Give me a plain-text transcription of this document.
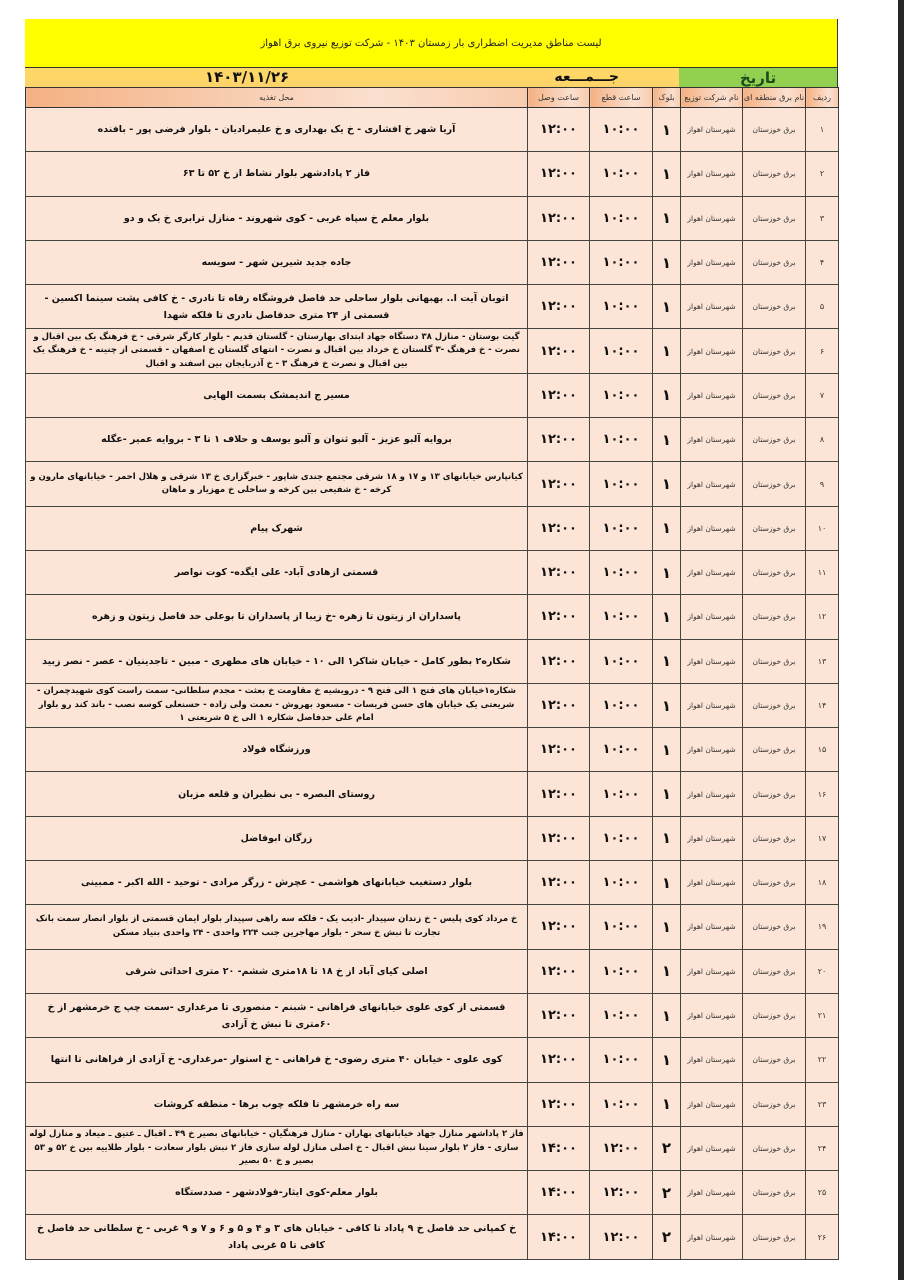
لیست مناطق مدیریت اضطراری بار زمستان ۱۴۰۳ - شرکت توزیع نیروی برق اهواز
تاریخ
جـــمـــعه
۱۴۰۳/۱۱/۲۶
ردیف	نام برق منطقه ای	نام شرکت توزیع	بلوک	ساعت قطع	ساعت وصل	محل تغذیه
۱	برق خوزستان	شهرستان اهواز	۱	۱۰:۰۰	۱۲:۰۰	آریا شهر خ افشاری - خ یک بهداری و خ علیمرادیان - بلوار فرضی پور - بافنده
۲	برق خوزستان	شهرستان اهواز	۱	۱۰:۰۰	۱۲:۰۰	فاز ۲ پادادشهر بلوار نشاط از خ ۵۲ تا ۶۳
۳	برق خوزستان	شهرستان اهواز	۱	۱۰:۰۰	۱۲:۰۰	بلوار معلم خ سپاه غربی - کوی شهروند - منازل ترابری خ یک و دو
۴	برق خوزستان	شهرستان اهواز	۱	۱۰:۰۰	۱۲:۰۰	جاده جدید شیرین شهر - سویسه
۵	برق خوزستان	شهرستان اهواز	۱	۱۰:۰۰	۱۲:۰۰	اتوبان آیت ا.. بهبهانی بلوار ساحلی حد فاصل فروشگاه رفاه تا نادری - خ کافی پشت سینما اکسین - قسمتی از ۲۴ متری حدفاصل نادری تا فلکه شهدا
۶	برق خوزستان	شهرستان اهواز	۱	۱۰:۰۰	۱۲:۰۰	گیت بوستان - منازل ۳۸ دستگاه جهاد ابتدای بهارستان - گلستان قدیم - بلوار کارگر شرقی - خ فرهنگ یک بین اقبال و نصرت - خ فرهنگ -۳ گلستان خ خرداد بین اقبال و نصرت - انتهای گلستان خ اصفهان - قسمتی از چنینه - خ فرهنگ یک بین اقبال و نصرت خ فرهنگ ۳ - خ آذربایجان بین اسفند و اقبال
۷	برق خوزستان	شهرستان اهواز	۱	۱۰:۰۰	۱۲:۰۰	مسیر ج اندیمشک بسمت الهایی
۸	برق خوزستان	شهرستان اهواز	۱	۱۰:۰۰	۱۲:۰۰	بروایه آلبو عزیز - آلبو ثنوان و آلبو یوسف و حلاف ۱ تا ۳ - بروایه عمیر -عگله
۹	برق خوزستان	شهرستان اهواز	۱	۱۰:۰۰	۱۲:۰۰	کیانپارس خیابانهای ۱۳ و ۱۷ و ۱۸ شرقی مجتمع جندی شاپور - خبرگزاری خ ۱۳ شرقی و هلال احمر - خیابانهای مارون و کرخه - خ شفیعی بین کرخه و ساحلی خ مهزیار و ماهان
۱۰	برق خوزستان	شهرستان اهواز	۱	۱۰:۰۰	۱۲:۰۰	شهرک پیام
۱۱	برق خوزستان	شهرستان اهواز	۱	۱۰:۰۰	۱۲:۰۰	قسمتی ازهادی آباد- علی ایگده- کوت نواصر
۱۲	برق خوزستان	شهرستان اهواز	۱	۱۰:۰۰	۱۲:۰۰	پاسداران از زیتون تا زهره -خ زیبا از پاسداران تا بوعلی حد فاصل زیتون و زهره
۱۳	برق خوزستان	شهرستان اهواز	۱	۱۰:۰۰	۱۲:۰۰	شکاره۲ بطور کامل - خیابان شاکر۱ الی ۱۰ - خیابان های مطهری - مبین - تاجدینیان - عصر - نصر زبید
۱۴	برق خوزستان	شهرستان اهواز	۱	۱۰:۰۰	۱۲:۰۰	شکاره۱خیابان های فتح ۱ الی فتح ۹ - درویشیه خ مقاومت خ بعثت - مجدم سلطانی- سمت راست کوی شهیدچمران - شریعتی یک خیابان های حسن فریسات - مسعود بهروش - نعمت ولی زاده - حسنعلی کوسه نصب - باند کند رو بلوار امام علی حدفاصل شکاره ۱ الی خ ۵ شریعتی ۱
۱۵	برق خوزستان	شهرستان اهواز	۱	۱۰:۰۰	۱۲:۰۰	ورزشگاه فولاد
۱۶	برق خوزستان	شهرستان اهواز	۱	۱۰:۰۰	۱۲:۰۰	روستای البصره - بی نظیران و قلعه مزبان
۱۷	برق خوزستان	شهرستان اهواز	۱	۱۰:۰۰	۱۲:۰۰	زرگان ابوفاضل
۱۸	برق خوزستان	شهرستان اهواز	۱	۱۰:۰۰	۱۲:۰۰	بلوار دستغیب خیابانهای هواشمی - عچرش - زرگر مرادی - توحید - الله اکبر - ممبینی
۱۹	برق خوزستان	شهرستان اهواز	۱	۱۰:۰۰	۱۲:۰۰	خ مرداد کوی پلیس - خ زندان سپیدار -ادیب یک - فلکه سه راهی سپیدار بلوار ایمان قسمتی از بلوار انصار سمت بانک تجارت تا نبش خ سحر - بلوار مهاجرین جنب ۲۲۴ واحدی - ۲۴ واحدی بنیاد مسکن
۲۰	برق خوزستان	شهرستان اهواز	۱	۱۰:۰۰	۱۲:۰۰	اصلی کیای آباد از خ ۱۸ تا ۱۸متری ششم- ۲۰ متری احداثی شرقی
۲۱	برق خوزستان	شهرستان اهواز	۱	۱۰:۰۰	۱۲:۰۰	قسمتی از کوی علوی خیابانهای فراهانی - شبنم - منصوری تا مرغداری -سمت چپ ج خرمشهر از خ ۶۰متری تا نبش خ آزادی
۲۲	برق خوزستان	شهرستان اهواز	۱	۱۰:۰۰	۱۲:۰۰	کوی علوی - خیابان ۴۰ متری رضوی- خ فراهانی - خ استوار -مرغداری- خ آزادی از فراهانی تا انتها
۲۳	برق خوزستان	شهرستان اهواز	۱	۱۰:۰۰	۱۲:۰۰	سه راه خرمشهر تا فلکه چوب برها - منطقه کروشات
۲۴	برق خوزستان	شهرستان اهواز	۲	۱۲:۰۰	۱۴:۰۰	فاز ۲ پاداشهر منازل جهاد خیابانهای بهاران - منازل فرهنگیان - خیابانهای بصیر خ ۴۹ ـ اقبال ـ عتیق ـ میعاد و منازل لوله سازی - فاز ۲ بلوار سینا نبش اقبال - خ اصلی منازل لوله سازی فاز ۲ نبش بلوار سعادت - بلوار طلاییه بین خ ۵۲ و ۵۳ بصیر و خ ۵۰ بصیر
۲۵	برق خوزستان	شهرستان اهواز	۲	۱۲:۰۰	۱۴:۰۰	بلوار معلم-کوی ایثار-فولادشهر - صددستگاه
۲۶	برق خوزستان	شهرستان اهواز	۲	۱۲:۰۰	۱۴:۰۰	خ کمپانی حد فاصل خ ۹ پاداد تا کافی - خیابان های ۳ و ۴ و ۵ و ۶ و ۷ و ۹ غربی - خ سلطانی حد فاصل خ کافی تا ۵ غربی پاداد
